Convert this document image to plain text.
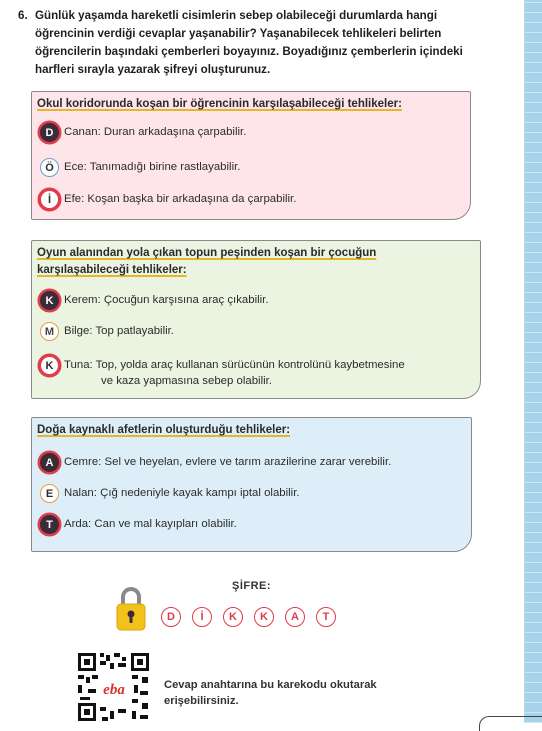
6. Günlük yaşamda hareketli cisimlerin sebep olabileceği durumlarda hangi öğrencinin verdiği cevaplar yaşanabilir? Yaşanabilecek tehlikeleri belirten öğrencilerin başındaki çemberleri boyayınız. Boyadığınız çemberlerin içindeki harfleri sırayla yazarak şifreyi oluşturunuz.
Okul koridorunda koşan bir öğrencinin karşılaşabileceği tehlikeler:
D Canan: Duran arkadaşına çarpabilir.
Ö Ece: Tanımadığı birine rastlayabilir.
İ	Efe: Koşan başka bir arkadaşına da çarpabilir.
Oyun alanından yola çıkan topun peşinden koşan bir çocuğun karşılaşabileceği tehlikeler:
K Kerem: Çocuğun karşısına araç çıkabilir.
M Bilge: Top patlayabilir.
K Tuna: Top, yolda araç kullanan sürücünün kontrolünü kaybetmesine
ve kaza yapmasına sebep olabilir.
Doğa kaynaklı afetlerin oluşturduğu tehlikeler:
A Cemre: Sel ve heyelan, evlere ve tarım arazilerine zarar verebilir.
E Nalan: Çığ nedeniyle kayak kampı iptal olabilir.
T Arda: Can ve mal kayıpları olabilir.
ŞİFRE:
D	İ	K	K	A	T
eba	Cevap anahtarına bu karekodu okutarak erişebilirsiniz.
